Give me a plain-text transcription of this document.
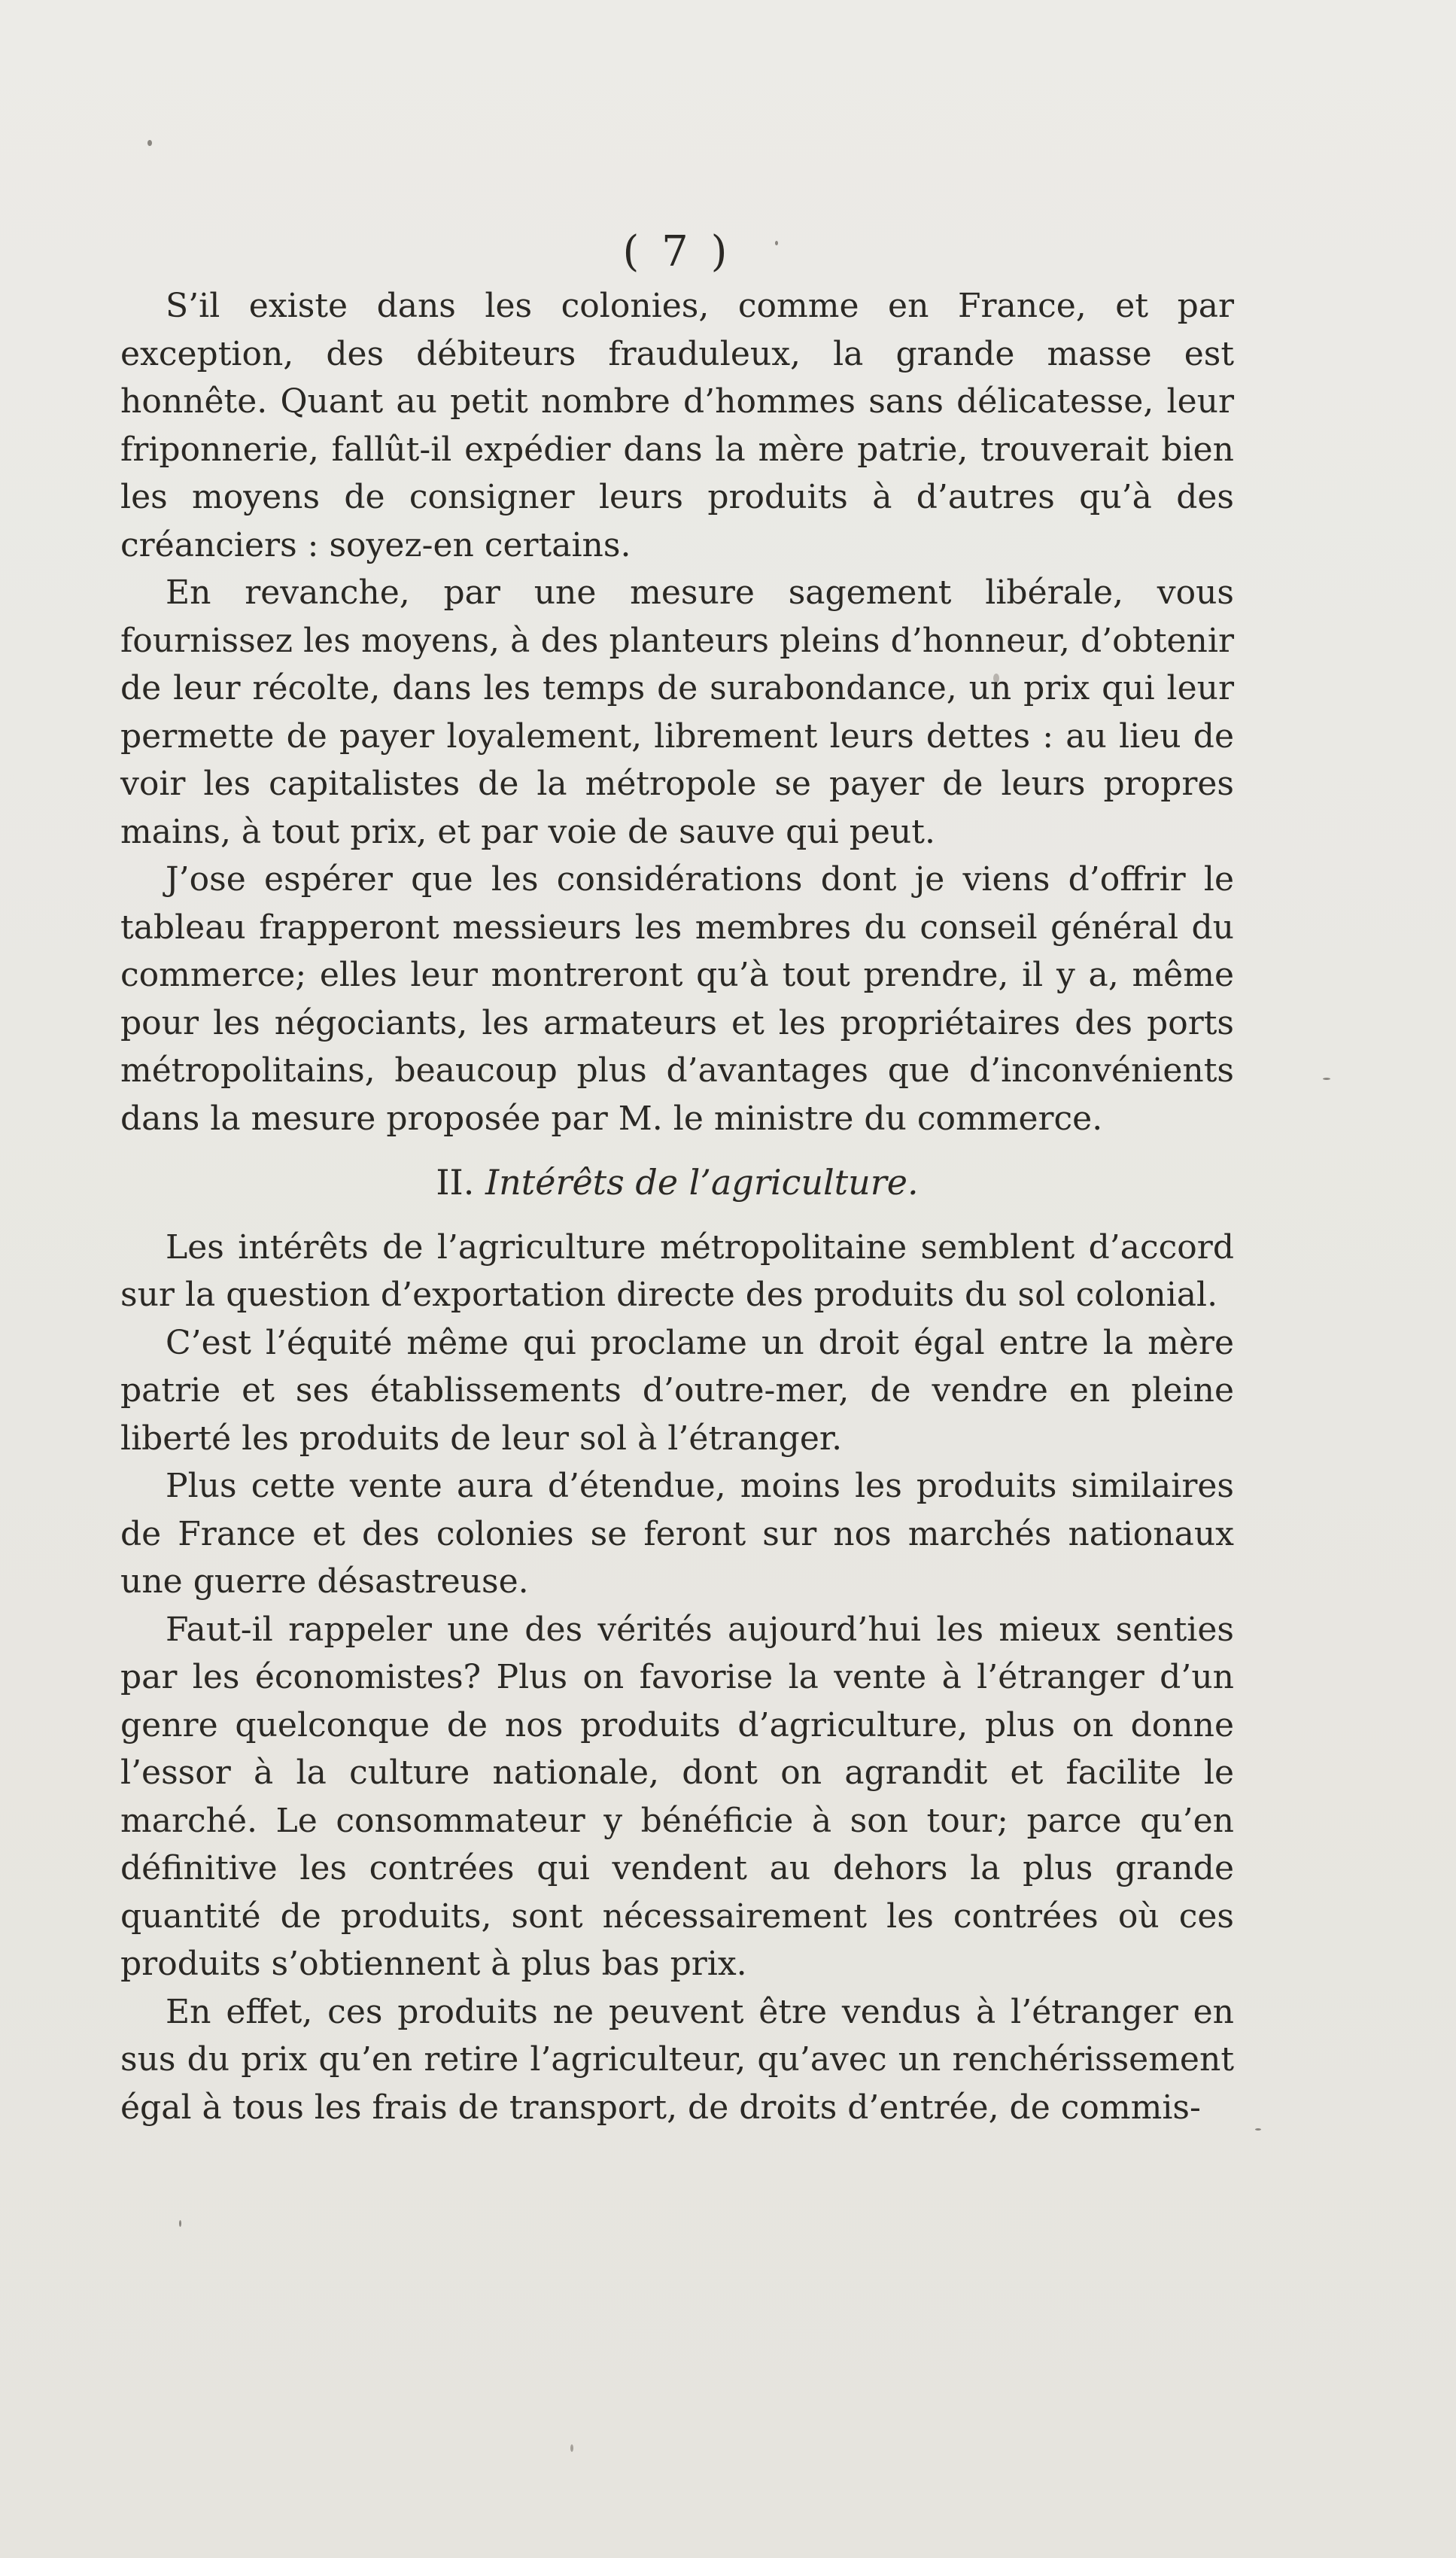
( 7 )

S’il existe dans les colonies, comme en France, et par exception, des débiteurs frauduleux, la grande masse est honnête. Quant au petit nombre d’hommes sans délicatesse, leur friponnerie, fallût-il expédier dans la mère patrie, trouverait bien les moyens de consigner leurs produits à d’autres qu’à des créanciers : soyez-en certains.

En revanche, par une mesure sagement libérale, vous fournissez les moyens, à des planteurs pleins d’honneur, d’obtenir de leur récolte, dans les temps de surabondance, un prix qui leur permette de payer loyalement, librement leurs dettes : au lieu de voir les capitalistes de la métropole se payer de leurs propres mains, à tout prix, et par voie de sauve qui peut.

J’ose espérer que les considérations dont je viens d’offrir le tableau frapperont messieurs les membres du conseil général du commerce; elles leur montreront qu’à tout prendre, il y a, même pour les négociants, les armateurs et les propriétaires des ports métropolitains, beaucoup plus d’avantages que d’inconvénients dans la mesure proposée par M. le ministre du commerce.

II. Intérêts de l’agriculture.

Les intérêts de l’agriculture métropolitaine semblent d’accord sur la question d’exportation directe des produits du sol colonial.

C’est l’équité même qui proclame un droit égal entre la mère patrie et ses établissements d’outre-mer, de vendre en pleine liberté les produits de leur sol à l’étranger.

Plus cette vente aura d’étendue, moins les produits similaires de France et des colonies se feront sur nos marchés nationaux une guerre désastreuse.

Faut-il rappeler une des vérités aujourd’hui les mieux senties par les économistes? Plus on favorise la vente à l’étranger d’un genre quelconque de nos produits d’agriculture, plus on donne l’essor à la culture nationale, dont on agrandit et facilite le marché. Le consommateur y bénéficie à son tour; parce qu’en définitive les contrées qui vendent au dehors la plus grande quantité de produits, sont nécessairement les contrées où ces produits s’obtiennent à plus bas prix.

En effet, ces produits ne peuvent être vendus à l’étranger en sus du prix qu’en retire l’agriculteur, qu’avec un renchérissement égal à tous les frais de transport, de droits d’entrée, de commis-
